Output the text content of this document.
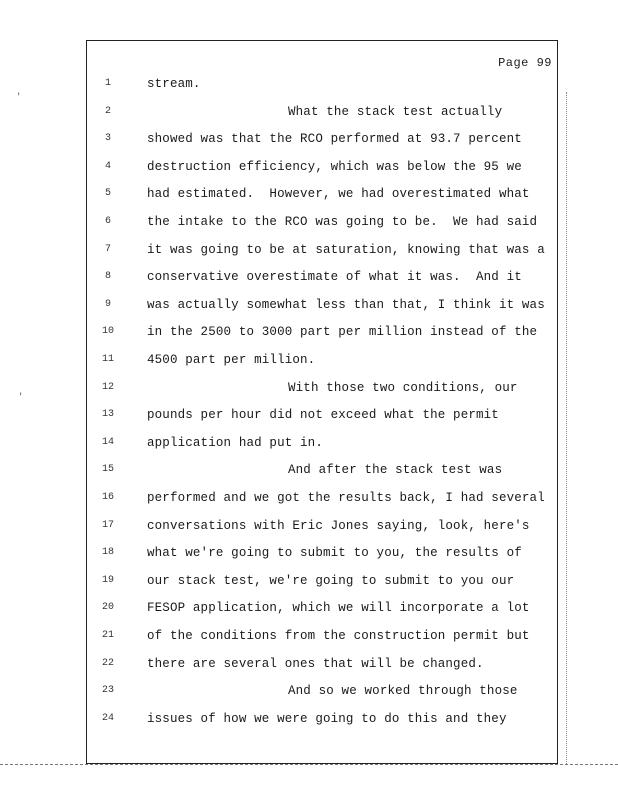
'
'
Page 99
1	stream.
2	What the stack test actually
3	showed was that the RCO performed at 93.7 percent
4	destruction efficiency, which was below the 95 we
5	had estimated.  However, we had overestimated what
6	the intake to the RCO was going to be.  We had said
7	it was going to be at saturation, knowing that was a
8	conservative overestimate of what it was.  And it
9	was actually somewhat less than that, I think it was
10	in the 2500 to 3000 part per million instead of the
11	4500 part per million.
12	With those two conditions, our
13	pounds per hour did not exceed what the permit
14	application had put in.
15	And after the stack test was
16	performed and we got the results back, I had several
17	conversations with Eric Jones saying, look, here's
18	what we're going to submit to you, the results of
19	our stack test, we're going to submit to you our
20	FESOP application, which we will incorporate a lot
21	of the conditions from the construction permit but
22	there are several ones that will be changed.
23	And so we worked through those
24	issues of how we were going to do this and they
